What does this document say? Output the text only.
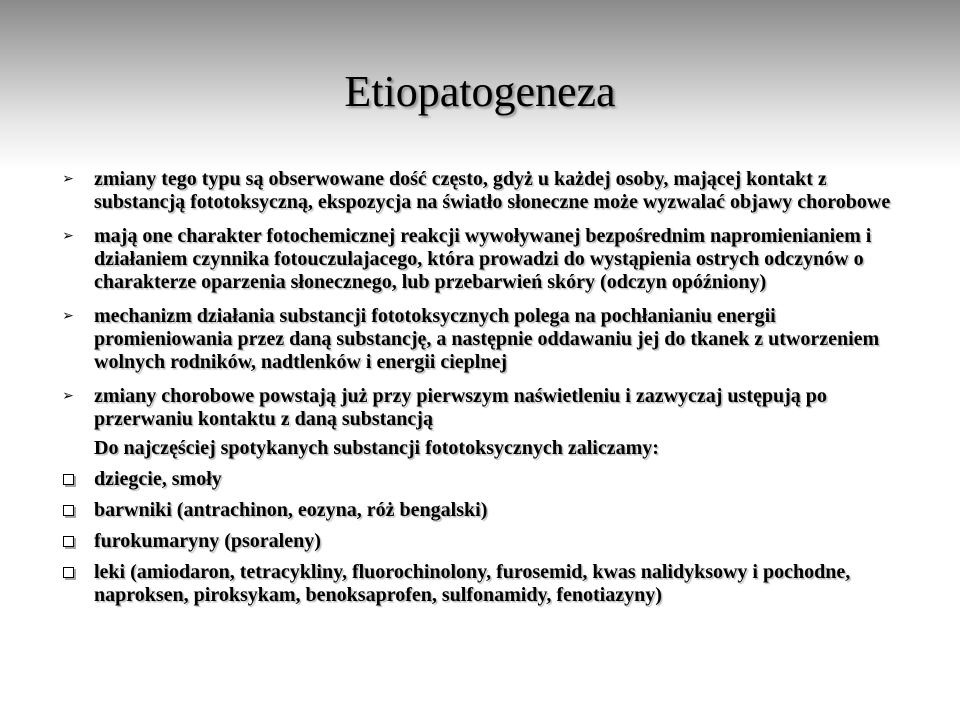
Etiopatogeneza
➢ zmiany tego typu są obserwowane dość często, gdyż u każdej osoby, mającej kontakt z substancją fototoksyczną, ekspozycja na światło słoneczne może wyzwalać objawy chorobowe
➢ mają one charakter fotochemicznej reakcji wywoływanej bezpośrednim napromienianiem i działaniem czynnika fotouczulajacego, która prowadzi do wystąpienia ostrych odczynów o charakterze oparzenia słonecznego, lub przebarwień skóry (odczyn opóźniony)
➢ mechanizm działania substancji fototoksycznych polega na pochłanianiu energii promieniowania przez daną substancję, a następnie oddawaniu jej do tkanek z utworzeniem wolnych rodników, nadtlenków i energii cieplnej
➢ zmiany chorobowe powstają już przy pierwszym naświetleniu i zazwyczaj ustępują po przerwaniu kontaktu z daną substancją
Do najczęściej spotykanych substancji fototoksycznych zaliczamy:
dziegcie, smoły
barwniki (antrachinon, eozyna, róż bengalski)
furokumaryny (psoraleny)
leki (amiodaron, tetracykliny, fluorochinolony, furosemid, kwas nalidyksowy i pochodne, naproksen, piroksykam, benoksaprofen, sulfonamidy, fenotiazyny)
